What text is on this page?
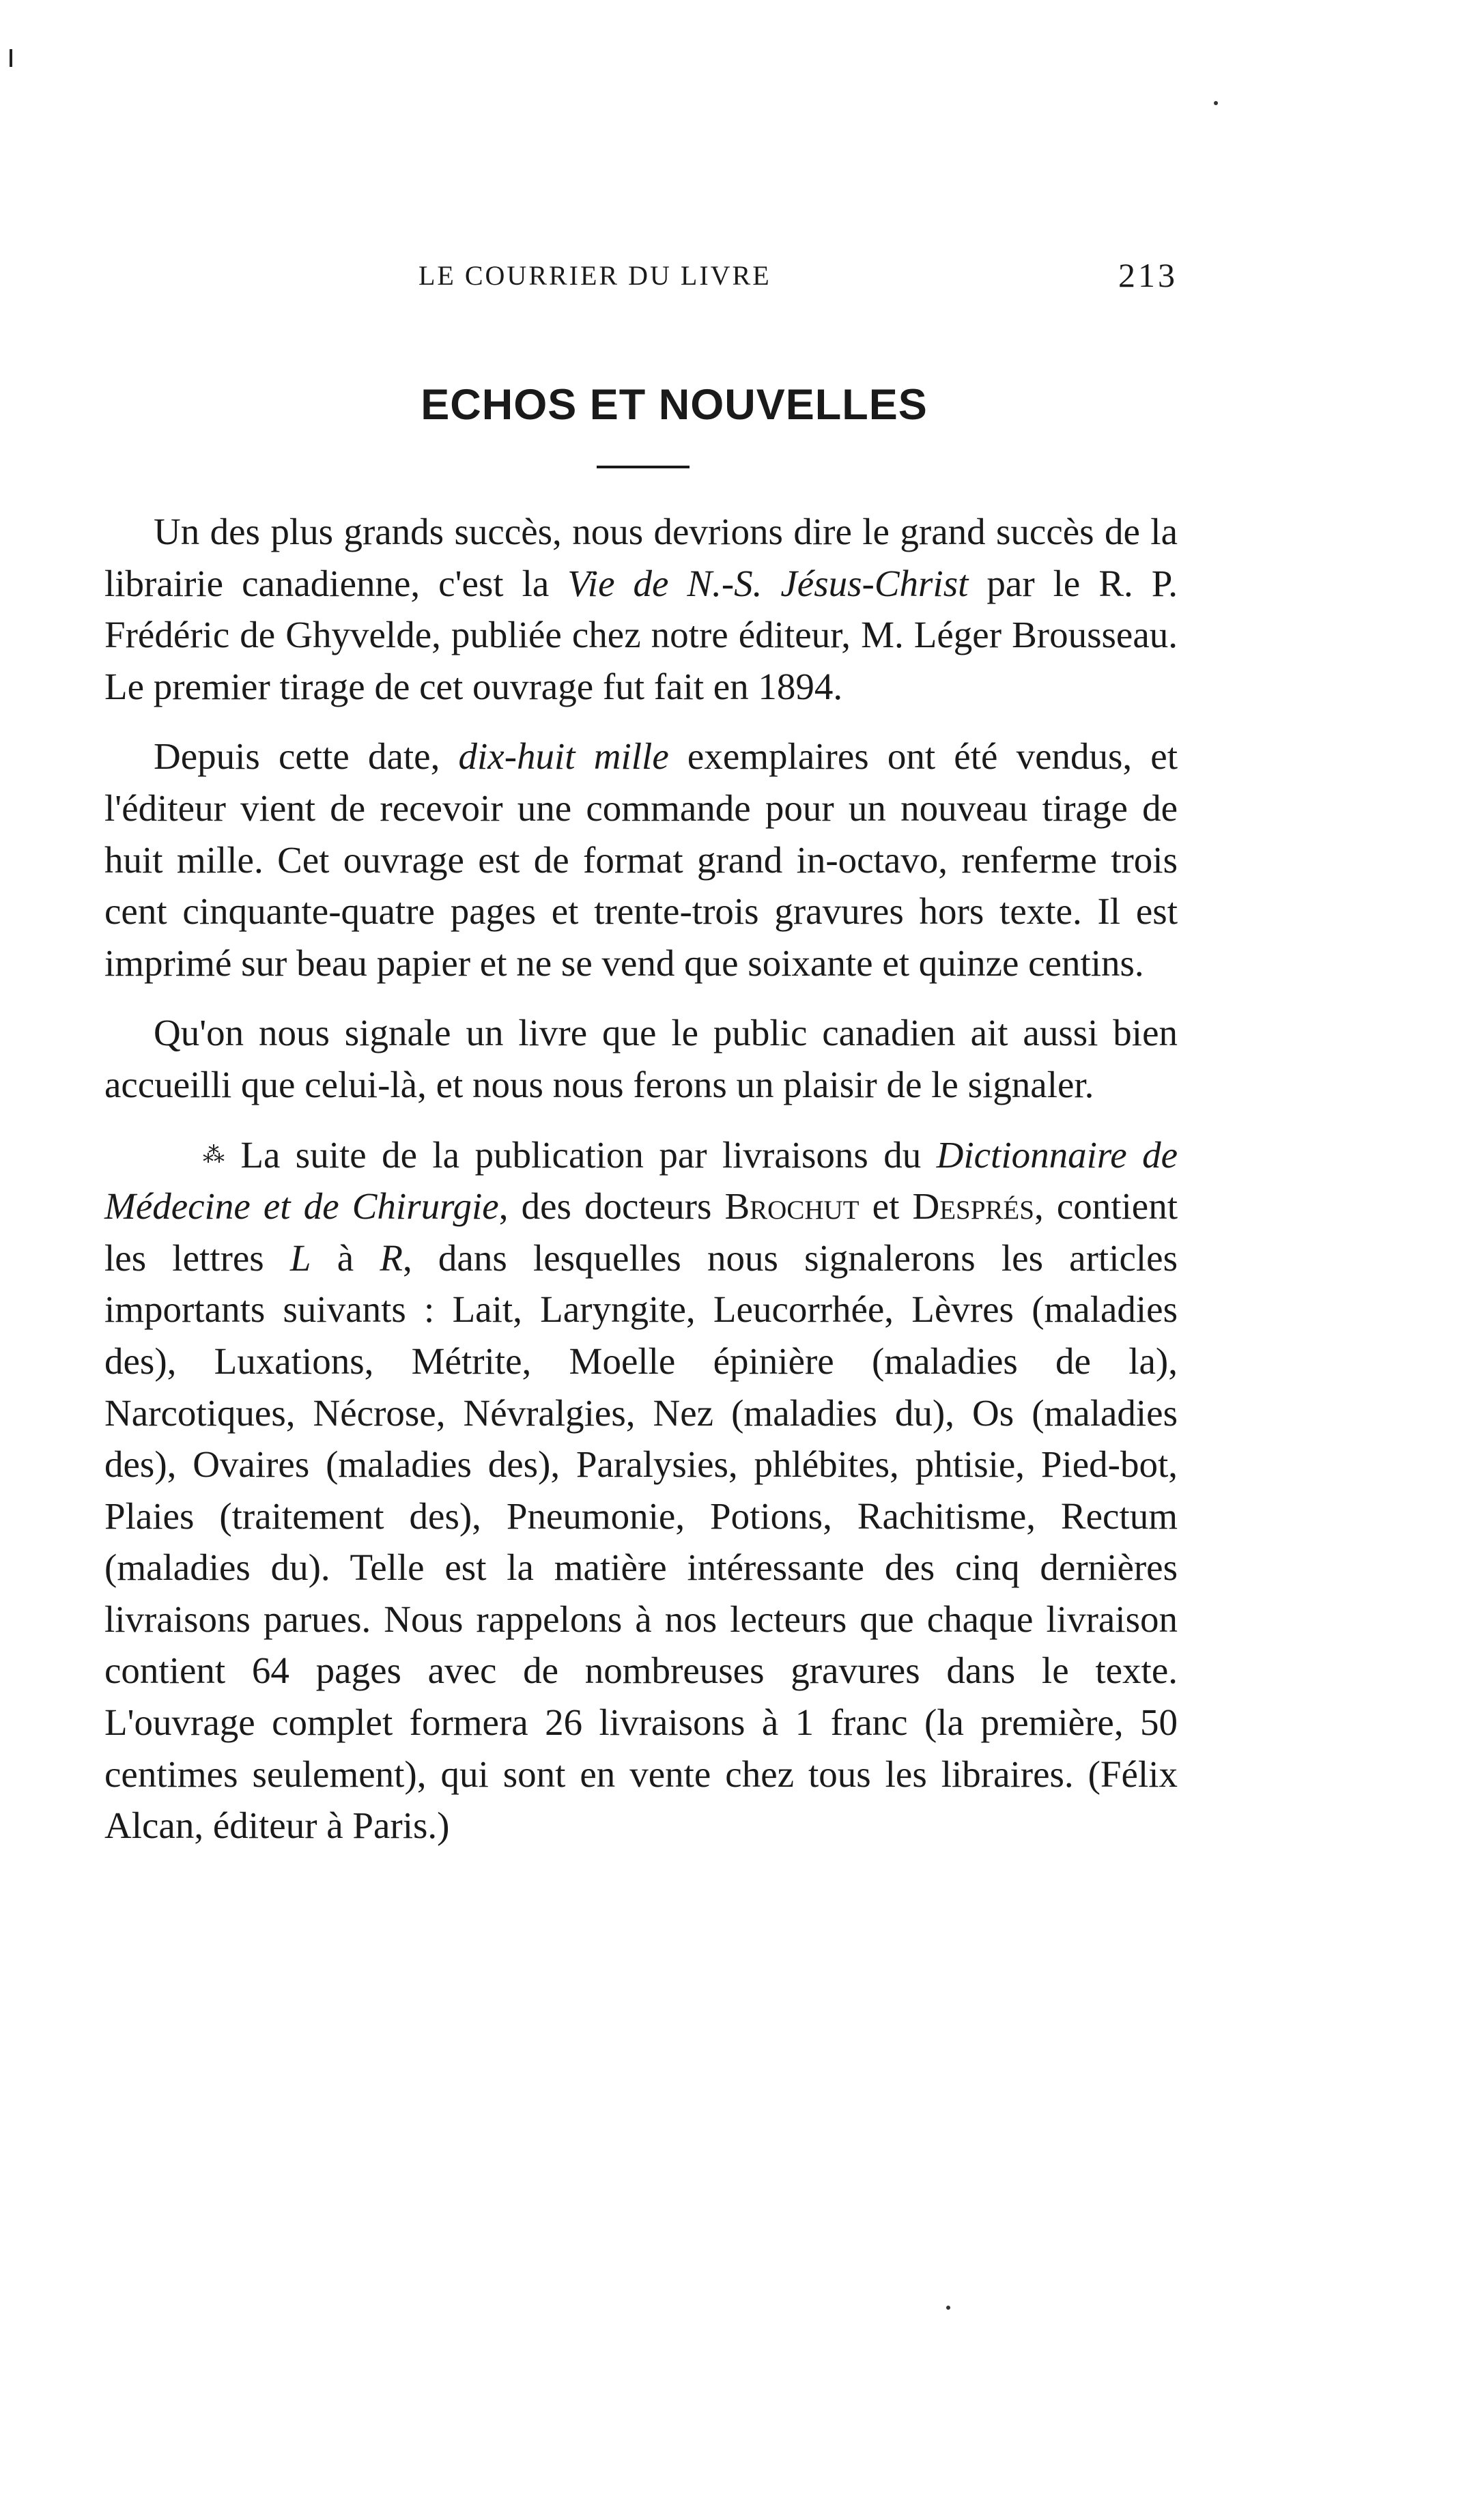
LE COURRIER DU LIVRE	213
ECHOS ET NOUVELLES

Un des plus grands succès, nous devrions dire le grand succès de la librairie canadienne, c'est la Vie de N.-S. Jésus-Christ par le R. P. Frédéric de Ghyvelde, publiée chez notre éditeur, M. Léger Brousseau. Le premier tirage de cet ouvrage fut fait en 1894.

Depuis cette date, dix-huit mille exemplaires ont été vendus, et l'éditeur vient de recevoir une commande pour un nouveau tirage de huit mille. Cet ouvrage est de format grand in-octavo, renferme trois cent cinquante-quatre pages et trente-trois gravures hors texte. Il est imprimé sur beau papier et ne se vend que soixante et quinze centins.

Qu'on nous signale un livre que le public canadien ait aussi bien accueilli que celui-là, et nous nous ferons un plaisir de le signaler.

⁂ La suite de la publication par livraisons du Dictionnaire de Médecine et de Chirurgie, des docteurs Brochut et Després, contient les lettres L à R, dans lesquelles nous signalerons les articles importants suivants : Lait, Laryngite, Leucorrhée, Lèvres (maladies des), Luxations, Métrite, Moelle épinière (maladies de la), Narcotiques, Nécrose, Névralgies, Nez (maladies du), Os (maladies des), Ovaires (maladies des), Paralysies, phlébites, phtisie, Pied-bot, Plaies (traitement des), Pneumonie, Potions, Rachitisme, Rectum (maladies du). Telle est la matière intéressante des cinq dernières livraisons parues. Nous rappelons à nos lecteurs que chaque livraison contient 64 pages avec de nombreuses gravures dans le texte. L'ouvrage complet formera 26 livraisons à 1 franc (la première, 50 centimes seulement), qui sont en vente chez tous les libraires. (Félix Alcan, éditeur à Paris.)
